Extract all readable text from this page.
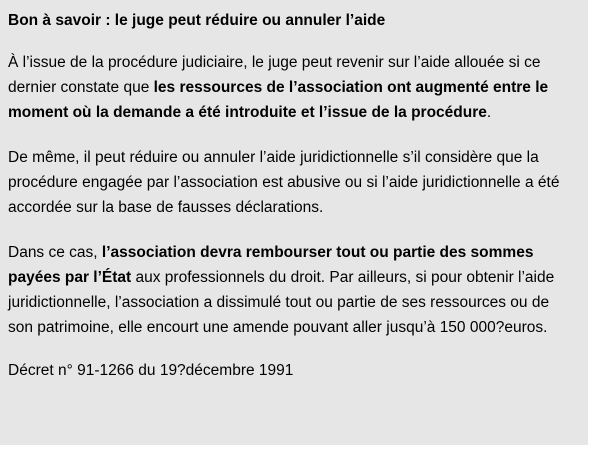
Bon à savoir : le juge peut réduire ou annuler l’aide

À l’issue de la procédure judiciaire, le juge peut revenir sur l’aide allouée si ce dernier constate que les ressources de l’association ont augmenté entre le moment où la demande a été introduite et l’issue de la procédure.

De même, il peut réduire ou annuler l’aide juridictionnelle s’il considère que la procédure engagée par l’association est abusive ou si l’aide juridictionnelle a été accordée sur la base de fausses déclarations.

Dans ce cas, l’association devra rembourser tout ou partie des sommes payées par l’État aux professionnels du droit. Par ailleurs, si pour obtenir l’aide juridictionnelle, l’association a dissimulé tout ou partie de ses ressources ou de son patrimoine, elle encourt une amende pouvant aller jusqu’à 150 000?euros.

Décret n° 91-1266 du 19?décembre 1991
